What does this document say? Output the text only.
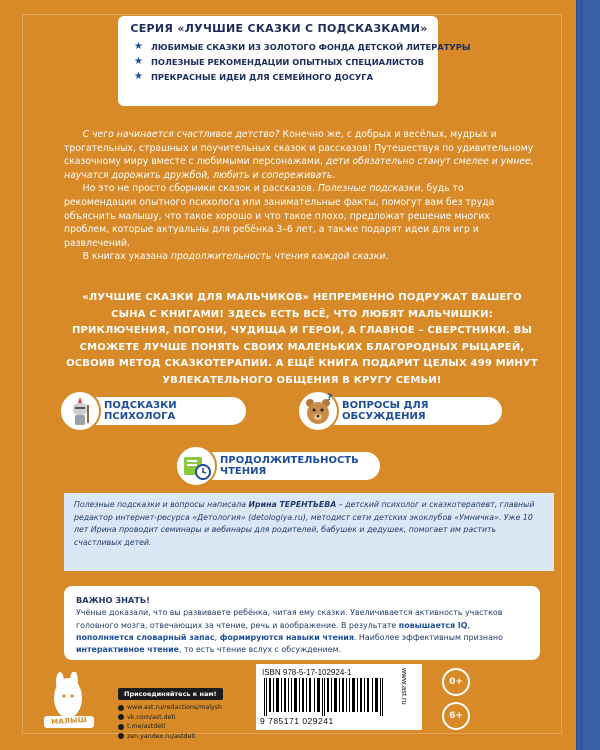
СЕРИЯ «ЛУЧШИЕ СКАЗКИ С ПОДСКАЗКАМИ»
★ ЛЮБИМЫЕ СКАЗКИ ИЗ ЗОЛОТОГО ФОНДА ДЕТСКОЙ ЛИТЕРАТУРЫ
★ ПОЛЕЗНЫЕ РЕКОМЕНДАЦИИ ОПЫТНЫХ СПЕЦИАЛИСТОВ
★ ПРЕКРАСНЫЕ ИДЕИ ДЛЯ СЕМЕЙНОГО ДОСУГА

  С чего начинается счастливое детство? Конечно же, с добрых и весёлых, мудрых и трогательных, страшных и поучительных сказок и рассказов! Путешествуя по удивительному сказочному миру вместе с любимыми персонажами, дети обязательно станут смелее и умнее, научатся дорожить дружбой, любить и сопереживать.

  Но это не просто сборники сказок и рассказов. Полезные подсказки, будь то рекомендации опытного психолога или занимательные факты, помогут вам без труда объяснить малышу, что такое хорошо и что такое плохо, предложат решение многих проблем, которые актуальны для ребёнка 3–6 лет, а также подарят идеи для игр и развлечений.

  В книгах указана продолжительность чтения каждой сказки.

«ЛУЧШИЕ СКАЗКИ ДЛЯ МАЛЬЧИКОВ» НЕПРЕМЕННО ПОДРУЖАТ ВАШЕГО СЫНА С КНИГАМИ! ЗДЕСЬ ЕСТЬ ВСЁ, ЧТО ЛЮБЯТ МАЛЬЧИШКИ: ПРИКЛЮЧЕНИЯ, ПОГОНИ, ЧУДИЩА И ГЕРОИ, А ГЛАВНОЕ – СВЕРСТНИКИ. ВЫ СМОЖЕТЕ ЛУЧШЕ ПОНЯТЬ СВОИХ МАЛЕНЬКИХ БЛАГОРОДНЫХ РЫЦАРЕЙ, ОСВОИВ МЕТОД СКАЗКОТЕРАПИИ. А ЕЩЁ КНИГА ПОДАРИТ ЦЕЛЫХ 499 МИНУТ УВЛЕКАТЕЛЬНОГО ОБЩЕНИЯ В КРУГУ СЕМЬИ!
ПОДСКАЗКИ ПСИХОЛОГА
?
ВОПРОСЫ ДЛЯ ОБСУЖДЕНИЯ
ПРОДОЛЖИТЕЛЬНОСТЬ ЧТЕНИЯ
Полезные подсказки и вопросы написала Ирина ТЕРЕНТЬЕВА – детский психолог и сказкотерапевт, главный редактор интернет-ресурса «Детология» (detologiya.ru), методист сети детских экоклубов «Умничка». Уже 10 лет Ирина проводит семинары и вебинары для родителей, бабушек и дедушек, помогает им растить счастливых детей.
ВАЖНО ЗНАТЬ!
Учёные доказали, что вы развиваете ребёнка, читая ему сказки. Увеличивается активность участков головного мозга, отвечающих за чтение, речь и воображение. В результате повышается IQ, пополняется словарный запас, формируются навыки чтения. Наиболее эффективным признано интерактивное чтение, то есть чтение вслух с обсуждением.
МАЛЫШ
Присоединяйтесь к нам!
www.ast.ru/redactions/malysh
vk.com/ast.deti
t.me/astdeti
zen.yandex.ru/astdeti
ISBN 978-5-17-102924-1
9 785171 029241
www.ast.ru	0+
6+
